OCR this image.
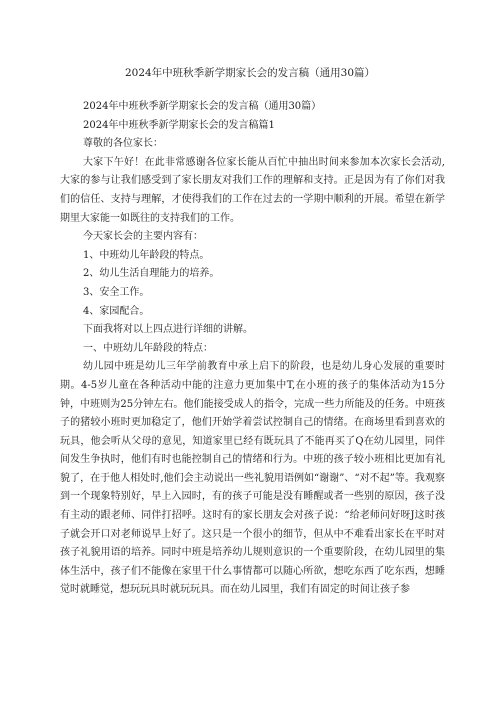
2024年中班秋季新学期家长会的发言稿（通用30篇）

2024年中班秋季新学期家长会的发言稿（通用30篇）

2024年中班秋季新学期家长会的发言稿篇1

尊敬的各位家长：

大家下午好！在此非常感谢各位家长能从百忙中抽出时间来参加本次家长会活动,大家的参与让我们感受到了家长朋友对我们工作的理解和支持。正是因为有了你们对我们的信任、支持与理解，才使得我们的工作在过去的一学期中顺利的开展。希望在新学期里大家能一如既往的支持我们的工作。

今天家长会的主要内容有：

1、中班幼儿年龄段的特点。

2、幼儿生活自理能力的培养。

3、安全工作。

4、家园配合。

下面我将对以上四点进行详细的讲解。

一、中班幼儿年龄段的特点：

幼儿园中班是幼儿三年学前教育中承上启下的阶段，也是幼儿身心发展的重要时期。4-5岁儿童在各种活动中能的注意力更加集中T,在小班的孩子的集体活动为15分钟，中班则为25分钟左右。他们能接受成人的指令，完成一些力所能及的任务。中班孩子的猪较小班时更加稳定了，他们开始学着尝试控制自己的情绪。在商场里看到喜欢的玩具，他会听从父母的意见，知道家里已经有既玩具了不能再买了Q在幼儿园里，同伴间发生争执时，他们有时也能控制自己的情绪和行为。中班的孩子较小班相比更加有礼貌了，在于他人相处时,他们会主动说出一些礼貌用语例如“谢谢”、“对不起”等。我观察到一个现象特别好，早上入园时，有的孩子可能是没有睡醒或者一些别的原因，孩子没有主动的跟老师、同伴打招呼。这时有的家长朋友会对孩子说：“给老师问好呀J这时孩子就会开口对老师说早上好了。这只是一个很小的细节，但从中不难看出家长在平时对孩子礼貌用语的培养。同时中班是培养幼儿规则意识的一个重要阶段，在幼儿园里的集体生活中，孩子们不能像在家里干什么事情都可以随心所欲，想吃东西了吃东西，想睡觉时就睡觉，想玩玩具时就玩玩具。而在幼儿园里，我们有固定的时间让孩子参
